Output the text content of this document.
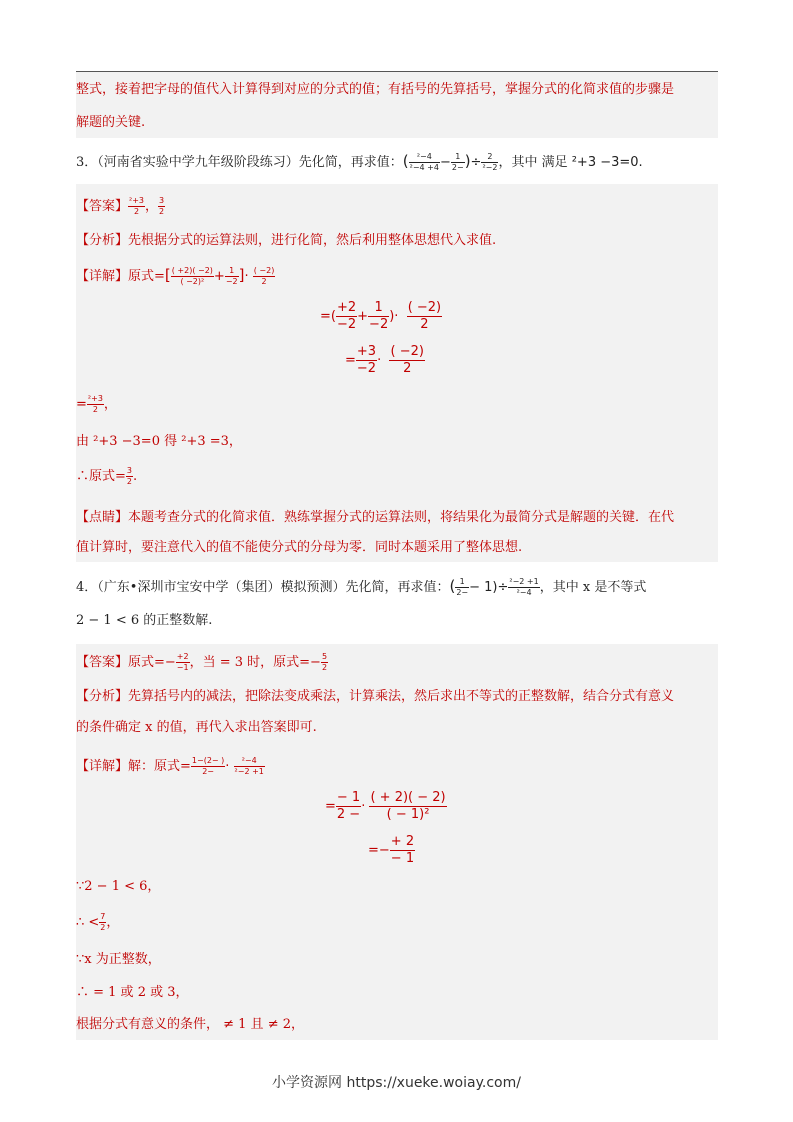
整式，接着把字母的值代入计算得到对应的分式的值；有括号的先算括号，掌握分式的化简求值的步骤是
解题的关键.
3．（河南省实验中学九年级阶段练习）先化简，再求值：( $\frac{\text{²−4}}{\text{²−4 +4}} - \frac{1}{2-}$ )÷ $\frac{2}{\text{²−2}}$ ，其中 满足 ²+3 −3=0.
【答案】 $\frac{\text{²+3}}{2}$ ， $\frac{3}{2}$
【分析】先根据分式的运算法则，进行化简，然后利用整体思想代入求值.
【详解】原式=[ $\frac{( +2)( -2)}{\text{( −2)²}} + \frac{1}{-2}$ ]· $\frac{( -2)}{2}$
=( $\frac{+2}{-2} + \frac{1}{-2}$ )· $\frac{( -2)}{2}$
= $\frac{+3}{-2} \cdot \frac{( -2)}{2}$
= $\frac{\text{²+3}}{2}$ ，
由 ²+3 −3=0 得 ²+3 =3，
∴原式= $\frac{3}{2}$ .
【点睛】本题考查分式的化简求值．熟练掌握分式的运算法则，将结果化为最简分式是解题的关键．在代
值计算时，要注意代入的值不能使分式的分母为零．同时本题采用了整体思想.
4．（广东•深圳市宝安中学（集团）模拟预测）先化简，再求值：( $\frac{1}{2-} - 1)\div \frac{\text{²−2 +1}}{\text{²−4}}$ ，其中 x 是不等式
2 − 1 < 6 的正整数解.
【答案】原式=− $\frac{+2}{-1}$ ，当 = 3 时，原式=− $\frac{5}{2}$
【分析】先算括号内的减法，把除法变成乘法，计算乘法，然后求出不等式的正整数解，结合分式有意义
的条件确定 x 的值，再代入求出答案即可.
【详解】解：原式= $\frac{1-(2- )}{2-} \cdot \frac{\text{²−4}}{\text{²−2 +1}}$
= $\frac{- 1}{2 -} \cdot \frac{( + 2)( - 2)}{\text{( − 1)²}}$
=− $\frac{+ 2}{- 1}$
∵2 − 1 < 6，
∴ < $\frac{7}{2}$ ，
∵x 为正整数，
∴ = 1 或 2 或 3，
根据分式有意义的条件， ≠ 1 且 ≠ 2，
小学资源网 https://xueke.woiay.com/
